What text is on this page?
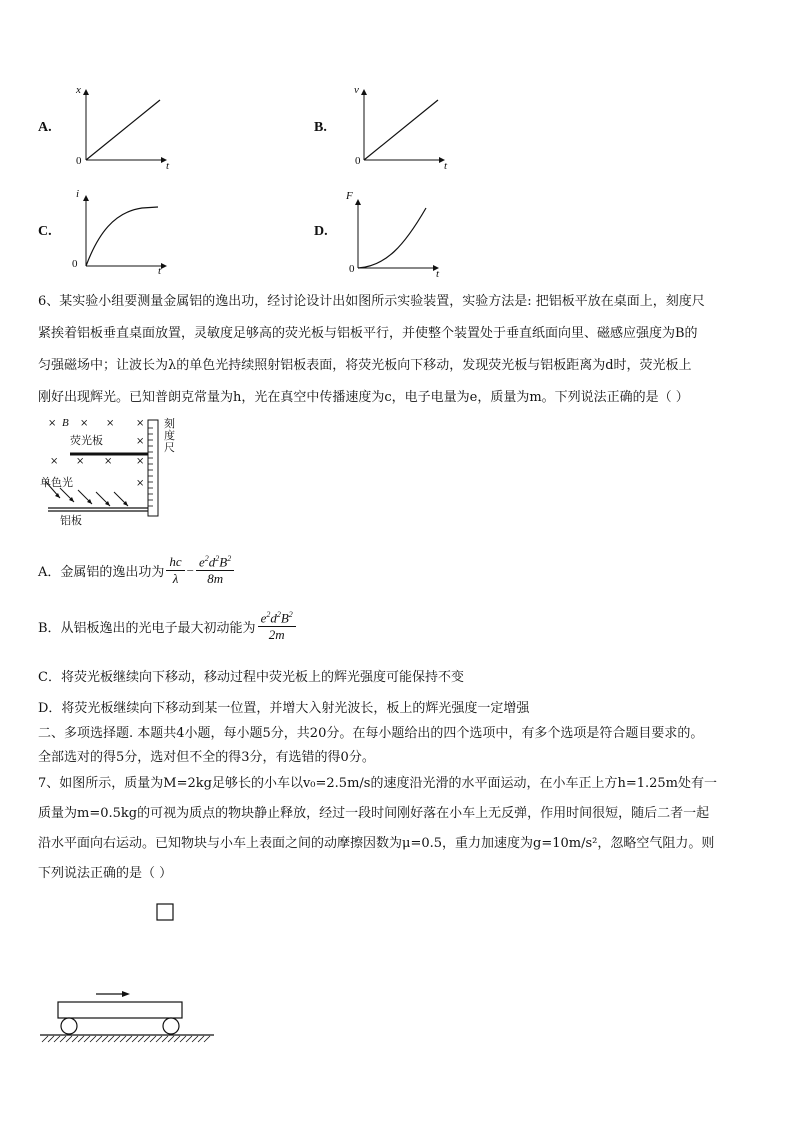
A.
x
t
0
B.
v
t
0
C.
i
t
0
D.
F
t
0
6、某实验小组要测量金属铝的逸出功，经讨论设计出如图所示实验装置，实验方法是: 把铝板平放在桌面上，刻度尺
紧挨着铝板垂直桌面放置，灵敏度足够高的荧光板与铝板平行，并使整个装置处于垂直纸面向里、磁感应强度为B的
匀强磁场中；让波长为λ的单色光持续照射铝板表面，将荧光板向下移动，发现荧光板与铝板距离为d时，荧光板上
刚好出现辉光。已知普朗克常量为h，光在真空中传播速度为c，电子电量为e，质量为m。下列说法正确的是（ ）
× B × × ×
荧光板	×
× × × ×
单色光	×
铝板
刻度尺
A．金属铝的逸出功为 $\frac{hc}{\lambda} - \frac{e^2d^2B^2}{8m}$
B．从铝板逸出的光电子最大初动能为 $\frac{e^2d^2B^2}{2m}$
C．将荧光板继续向下移动，移动过程中荧光板上的辉光强度可能保持不变
D．将荧光板继续向下移动到某一位置，并增大入射光波长，板上的辉光强度一定增强
二、多项选择题. 本题共4小题，每小题5分，共20分。在每小题给出的四个选项中，有多个选项是符合题目要求的。
全部选对的得5分，选对但不全的得3分，有选错的得0分。
7、如图所示，质量为M=2kg足够长的小车以v₀=2.5m/s的速度沿光滑的水平面运动，在小车正上方h=1.25m处有一
质量为m=0.5kg的可视为质点的物块静止释放，经过一段时间刚好落在小车上无反弹，作用时间很短，随后二者一起
沿水平面向右运动。已知物块与小车上表面之间的动摩擦因数为μ=0.5，重力加速度为g=10m/s²，忽略空气阻力。则
下列说法正确的是（ ）
